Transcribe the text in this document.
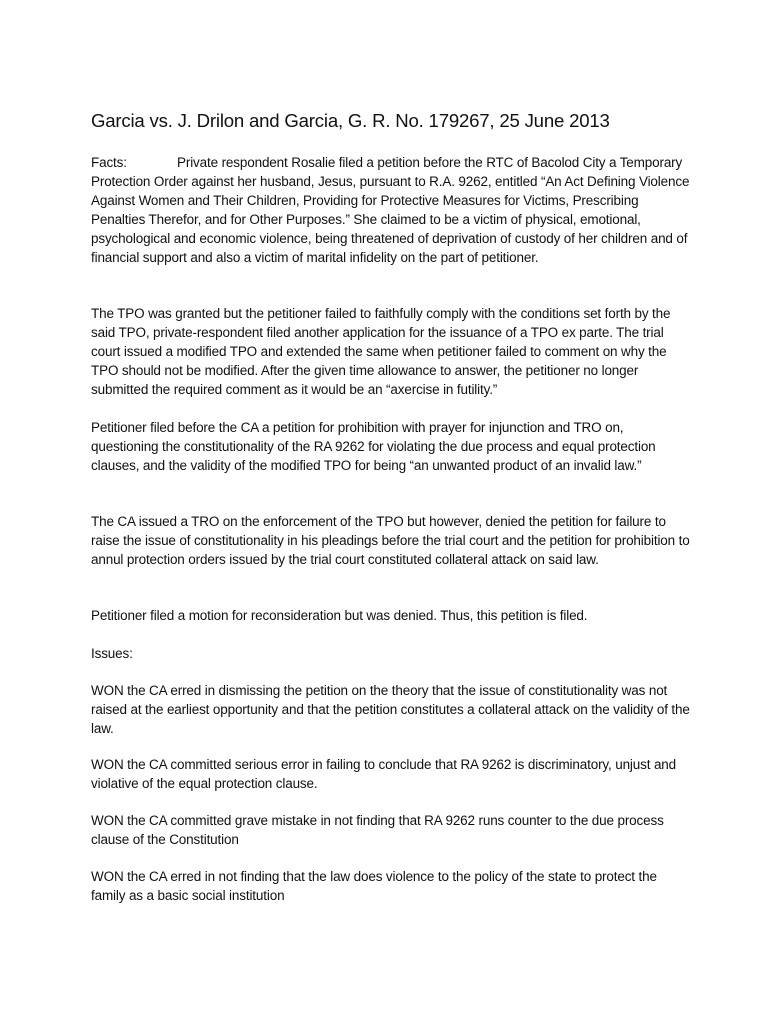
Garcia vs. J. Drilon and Garcia, G. R. No. 179267, 25 June 2013

Facts:	Private respondent Rosalie filed a petition before the RTC of Bacolod City a Temporary Protection Order against her husband, Jesus, pursuant to R.A. 9262, entitled “An Act Defining Violence Against Women and Their Children, Providing for Protective Measures for Victims, Prescribing Penalties Therefor, and for Other Purposes.” She claimed to be a victim of physical, emotional, psychological and economic violence, being threatened of deprivation of custody of her children and of financial support and also a victim of marital infidelity on the part of petitioner.

The TPO was granted but the petitioner failed to faithfully comply with the conditions set forth by the said TPO, private-respondent filed another application for the issuance of a TPO ex parte. The trial court issued a modified TPO and extended the same when petitioner failed to comment on why the TPO should not be modified. After the given time allowance to answer, the petitioner no longer submitted the required comment as it would be an “axercise in futility.”

Petitioner filed before the CA a petition for prohibition with prayer for injunction and TRO on, questioning the constitutionality of the RA 9262 for violating the due process and equal protection clauses, and the validity of the modified TPO for being “an unwanted product of an invalid law.”

The CA issued a TRO on the enforcement of the TPO but however, denied the petition for failure to raise the issue of constitutionality in his pleadings before the trial court and the petition for prohibition to annul protection orders issued by the trial court constituted collateral attack on said law.

Petitioner filed a motion for reconsideration but was denied. Thus, this petition is filed.

Issues:

WON the CA erred in dismissing the petition on the theory that the issue of constitutionality was not raised at the earliest opportunity and that the petition constitutes a collateral attack on the validity of the law.

WON the CA committed serious error in failing to conclude that RA 9262 is discriminatory, unjust and violative of the equal protection clause.

WON the CA committed grave mistake in not finding that RA 9262 runs counter to the due process clause of the Constitution

WON the CA erred in not finding that the law does violence to the policy of the state to protect the family as a basic social institution
